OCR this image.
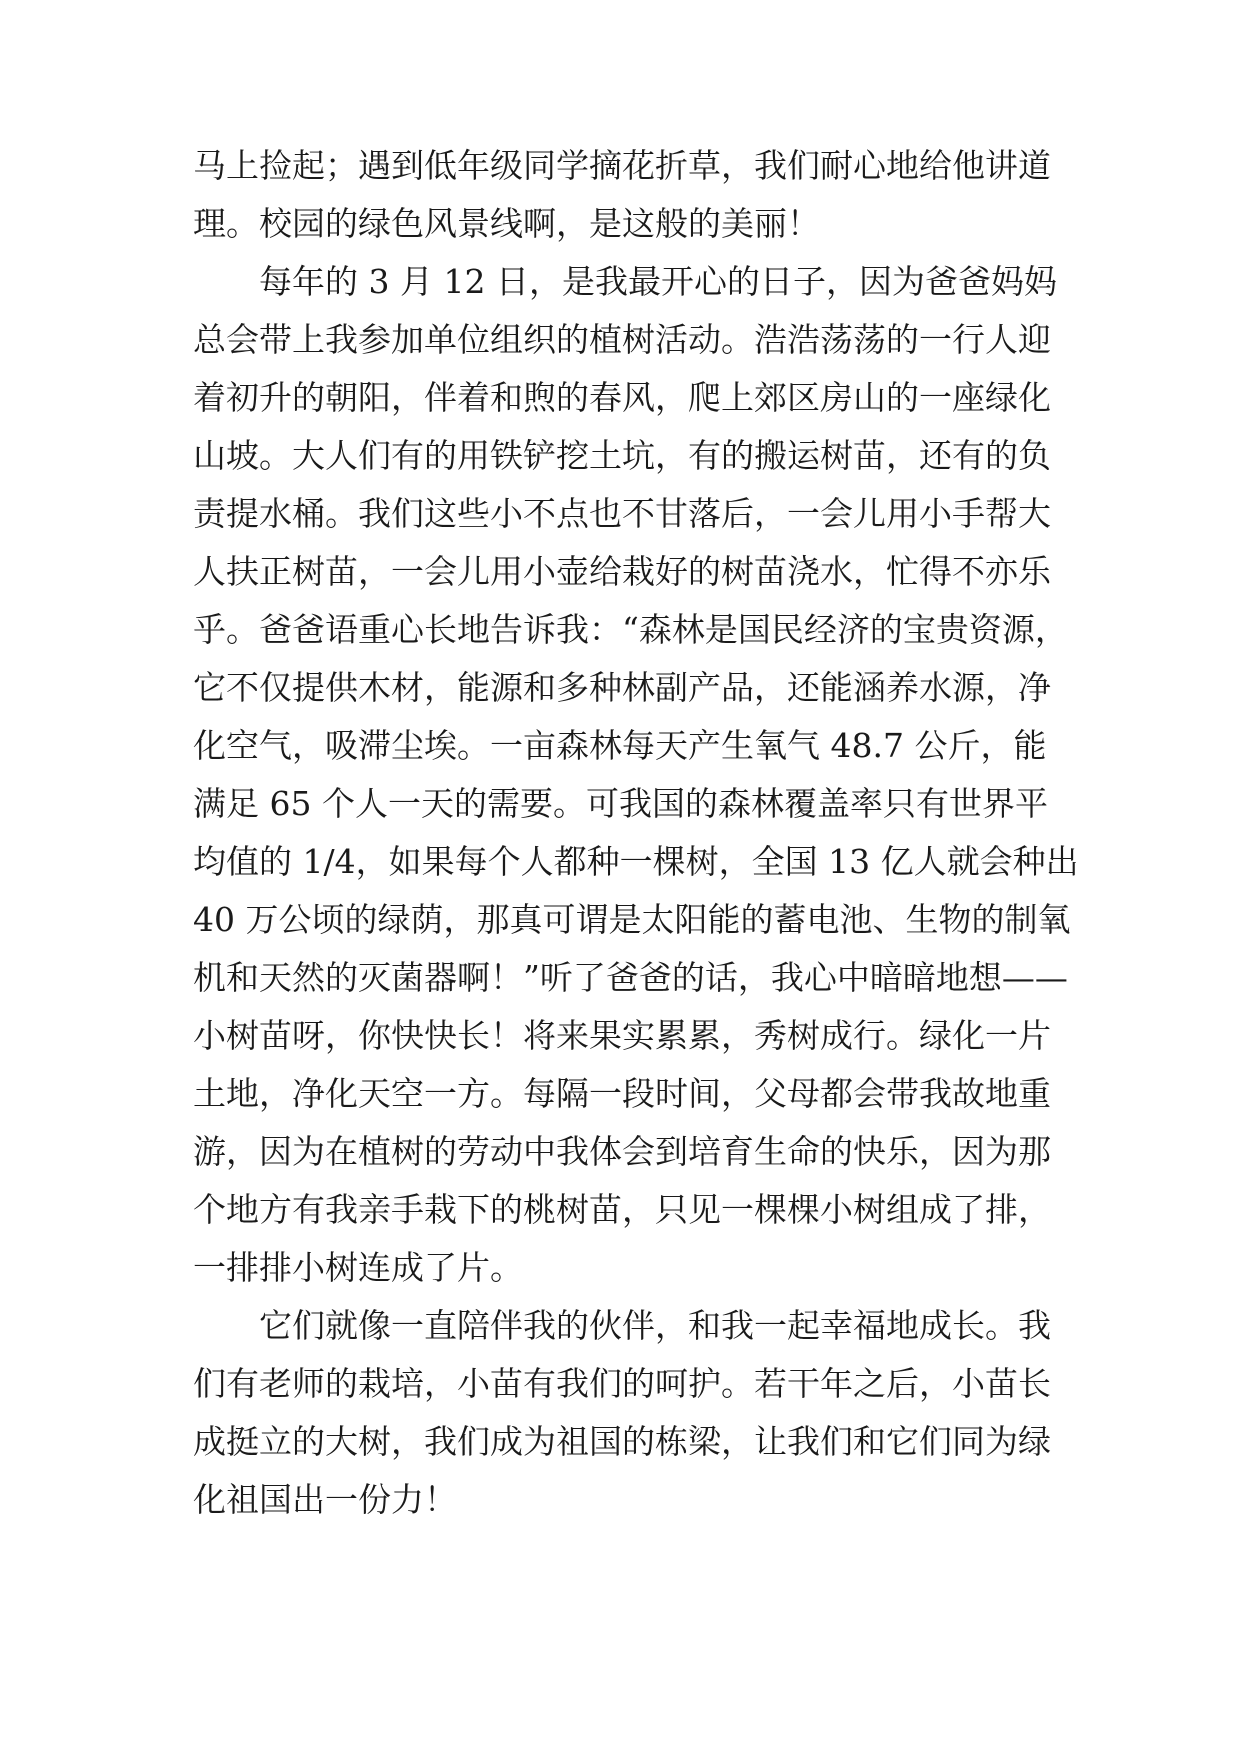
马上捡起；遇到低年级同学摘花折草，我们耐心地给他讲道
理。校园的绿色风景线啊，是这般的美丽！
每年的 3 月 12 日，是我最开心的日子，因为爸爸妈妈
总会带上我参加单位组织的植树活动。浩浩荡荡的一行人迎
着初升的朝阳，伴着和煦的春风，爬上郊区房山的一座绿化
山坡。大人们有的用铁铲挖土坑，有的搬运树苗，还有的负
责提水桶。我们这些小不点也不甘落后，一会儿用小手帮大
人扶正树苗，一会儿用小壶给栽好的树苗浇水，忙得不亦乐
乎。爸爸语重心长地告诉我：“森林是国民经济的宝贵资源，
它不仅提供木材，能源和多种林副产品，还能涵养水源，净
化空气，吸滞尘埃。一亩森林每天产生氧气 48.7 公斤，能
满足 65 个人一天的需要。可我国的森林覆盖率只有世界平
均值的 1/4，如果每个人都种一棵树，全国 13 亿人就会种出
40 万公顷的绿荫，那真可谓是太阳能的蓄电池、生物的制氧
机和天然的灭菌器啊！”听了爸爸的话，我心中暗暗地想——
小树苗呀，你快快长！将来果实累累，秀树成行。绿化一片
土地，净化天空一方。每隔一段时间，父母都会带我故地重
游，因为在植树的劳动中我体会到培育生命的快乐，因为那
个地方有我亲手栽下的桃树苗，只见一棵棵小树组成了排，
一排排小树连成了片。
它们就像一直陪伴我的伙伴，和我一起幸福地成长。我
们有老师的栽培，小苗有我们的呵护。若干年之后，小苗长
成挺立的大树，我们成为祖国的栋梁，让我们和它们同为绿
化祖国出一份力！
